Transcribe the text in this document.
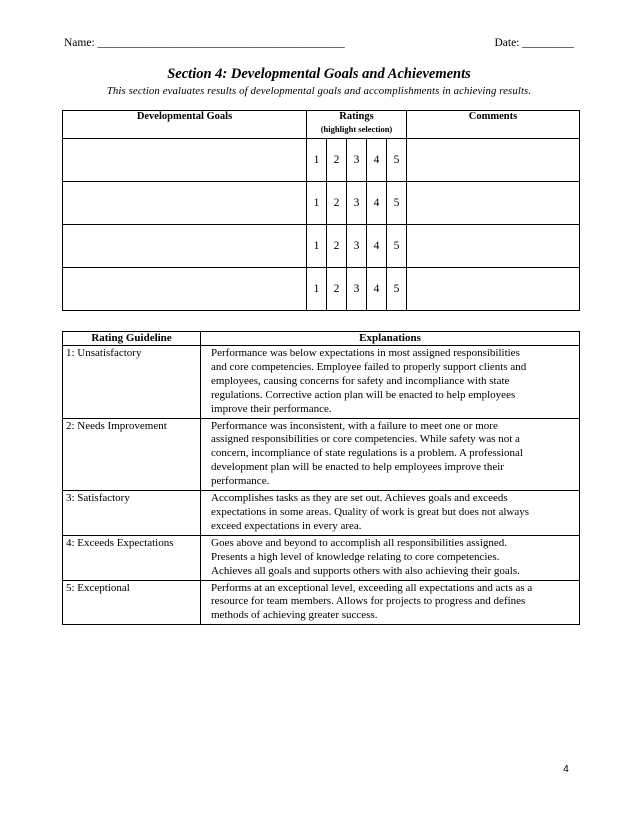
Name: ___________________________________________	Date: _________
Section 4: Developmental Goals and Achievements
This section evaluates results of developmental goals and accomplishments in achieving results.
Developmental Goals	Ratings
(highlight selection)					Comments
	1	2	3	4	5	
	1	2	3	4	5	
	1	2	3	4	5	
	1	2	3	4	5	
Rating Guideline	Explanations
1: Unsatisfactory	Performance was below expectations in most assigned responsibilities
and core competencies. Employee failed to properly support clients and
employees, causing concerns for safety and incompliance with state
regulations. Corrective action plan will be enacted to help employees
improve their performance.

2: Needs Improvement	Performance was inconsistent, with a failure to meet one or more
assigned responsibilities or core competencies. While safety was not a
concern, incompliance of state regulations is a problem. A professional
development plan will be enacted to help employees improve their
performance.

3: Satisfactory	Accomplishes tasks as they are set out. Achieves goals and exceeds
expectations in some areas. Quality of work is great but does not always
exceed expectations in every area.

4: Exceeds Expectations	Goes above and beyond to accomplish all responsibilities assigned.
Presents a high level of knowledge relating to core competencies.
Achieves all goals and supports others with also achieving their goals.

5: Exceptional	Performs at an exceptional level, exceeding all expectations and acts as a
resource for team members. Allows for projects to progress and defines
methods of achieving greater success.
4
